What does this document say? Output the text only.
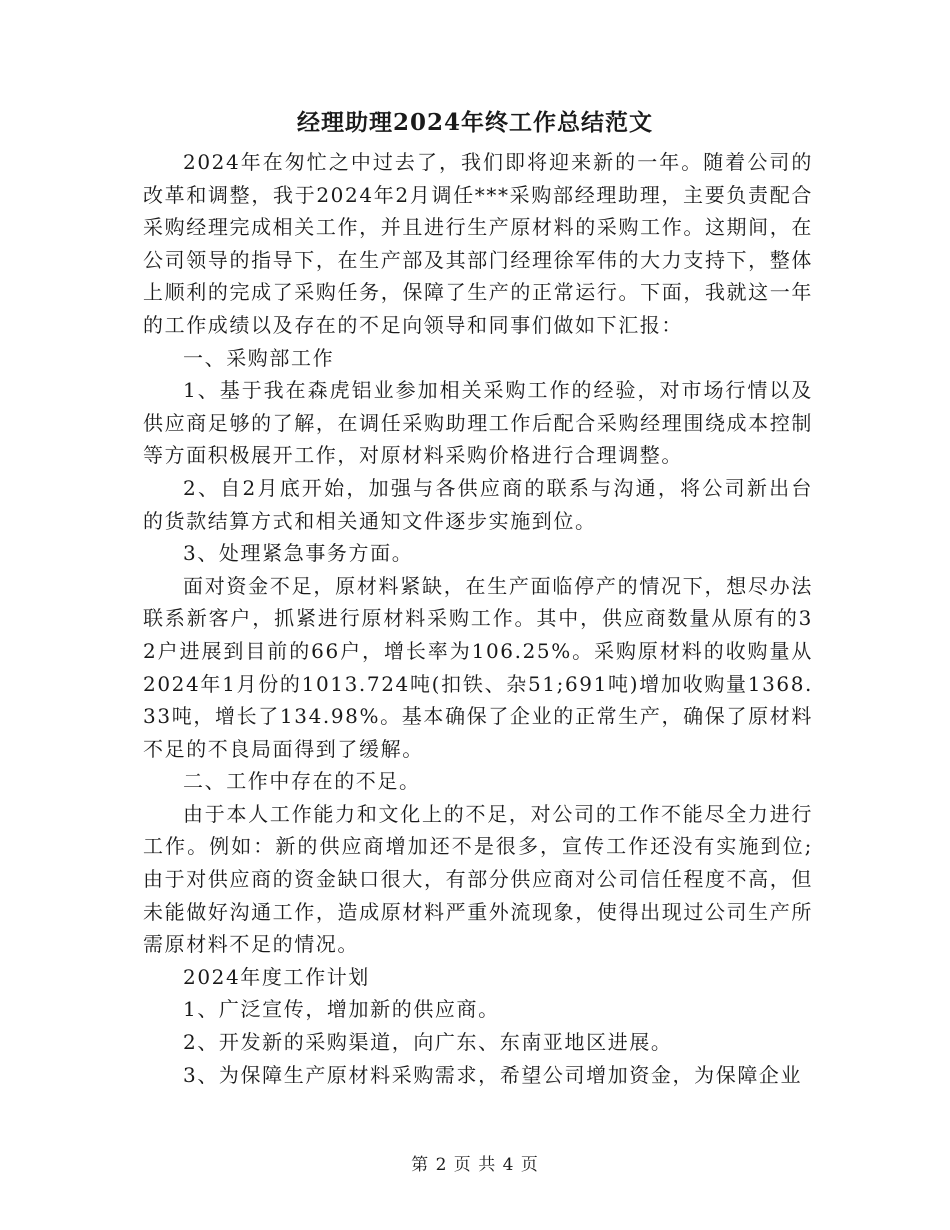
经理助理2024年终工作总结范文

2024年在匆忙之中过去了，我们即将迎来新的一年。随着公司的改革和调整，我于2024年2月调任***采购部经理助理，主要负责配合采购经理完成相关工作，并且进行生产原材料的采购工作。这期间，在公司领导的指导下，在生产部及其部门经理徐军伟的大力支持下，整体上顺利的完成了采购任务，保障了生产的正常运行。下面，我就这一年的工作成绩以及存在的不足向领导和同事们做如下汇报：

一、采购部工作

1、基于我在森虎铝业参加相关采购工作的经验，对市场行情以及供应商足够的了解，在调任采购助理工作后配合采购经理围绕成本控制等方面积极展开工作，对原材料采购价格进行合理调整。

2、自2月底开始，加强与各供应商的联系与沟通，将公司新出台的货款结算方式和相关通知文件逐步实施到位。

3、处理紧急事务方面。

面对资金不足，原材料紧缺，在生产面临停产的情况下，想尽办法联系新客户，抓紧进行原材料采购工作。其中，供应商数量从原有的32户进展到目前的66户，增长率为106.25%。采购原材料的收购量从2024年1月份的1013.724吨(扣铁、杂51;691吨)增加收购量1368.33吨，增长了134.98%。基本确保了企业的正常生产，确保了原材料不足的不良局面得到了缓解。

二、工作中存在的不足。

由于本人工作能力和文化上的不足，对公司的工作不能尽全力进行工作。例如：新的供应商增加还不是很多，宣传工作还没有实施到位;由于对供应商的资金缺口很大，有部分供应商对公司信任程度不高，但未能做好沟通工作，造成原材料严重外流现象，使得出现过公司生产所需原材料不足的情况。

2024年度工作计划

1、广泛宣传，增加新的供应商。

2、开发新的采购渠道，向广东、东南亚地区进展。

3、为保障生产原材料采购需求，希望公司增加资金，为保障企业

第 2 页 共 4 页
